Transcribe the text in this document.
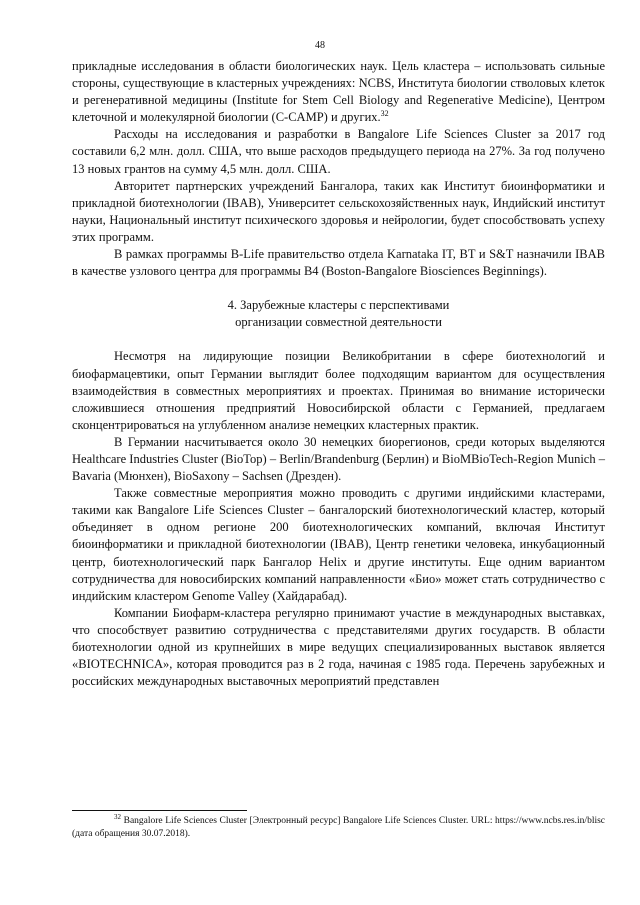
48

прикладные исследования в области биологических наук. Цель кластера – использовать сильные стороны, существующие в кластерных учреждениях: NCBS, Института биологии стволовых клеток и регенеративной медицины (Institute for Stem Cell Biology and Regenerative Medicine), Центром клеточной и молекулярной биологии (C-CAMP) и других.$^{32}$

Расходы на исследования и разработки в Bangalore Life Sciences Cluster за 2017 год составили 6,2 млн. долл. США, что выше расходов предыдущего периода на 27%. За год получено 13 новых грантов на сумму 4,5 млн. долл. США.

Авторитет партнерских учреждений Бангалора, таких как Институт биоинформатики и прикладной биотехнологии (IBAB), Университет сельскохозяйственных наук, Индийский институт науки, Национальный институт психического здоровья и нейрологии, будет способствовать успеху этих программ.

В рамках программы B-Life правительство отдела Karnataka IT, BT и S&T назначили IBAB в качестве узлового центра для программы B4 (Boston-Bangalore Biosciences Beginnings).

4. Зарубежные кластеры с перспективами
организации совместной деятельности

Несмотря на лидирующие позиции Великобритании в сфере биотехнологий и биофармацевтики, опыт Германии выглядит более подходящим вариантом для осуществления взаимодействия в совместных мероприятиях и проектах. Принимая во внимание исторически сложившиеся отношения предприятий Новосибирской области с Германией, предлагаем сконцентрироваться на углубленном анализе немецких кластерных практик.

В Германии насчитывается около 30 немецких биорегионов, среди которых выделяются Healthcare Industries Cluster (BioTop) – Berlin/Brandenburg (Берлин) и BioMBioTech-Region Munich – Bavaria (Мюнхен), BioSaxony – Sachsen (Дрезден).

Также совместные мероприятия можно проводить с другими индийскими кластерами, такими как Bangalore Life Sciences Cluster – бангалорский биотехнологический кластер, который объединяет в одном регионе 200 биотехнологических компаний, включая Институт биоинформатики и прикладной биотехнологии (IBAB), Центр генетики человека, инкубационный центр, биотехнологический парк Бангалор Helix и другие институты. Еще одним вариантом сотрудничества для новосибирских компаний направленности «Био» может стать сотрудничество с индийским кластером Genome Valley (Хайдарабад).

Компании Биофарм-кластера регулярно принимают участие в международных выставках, что способствует развитию сотрудничества с представителями других государств. В области биотехнологии одной из крупнейших в мире ведущих специализированных выставок является «BIOTECHNICA», которая проводится раз в 2 года, начиная с 1985 года. Перечень зарубежных и российских международных выставочных мероприятий представлен

$^{32}$ Bangalore Life Sciences Cluster [Электронный ресурс] Bangalore Life Sciences Cluster. URL: https://www.ncbs.res.in/blisc (дата обращения 30.07.2018).
